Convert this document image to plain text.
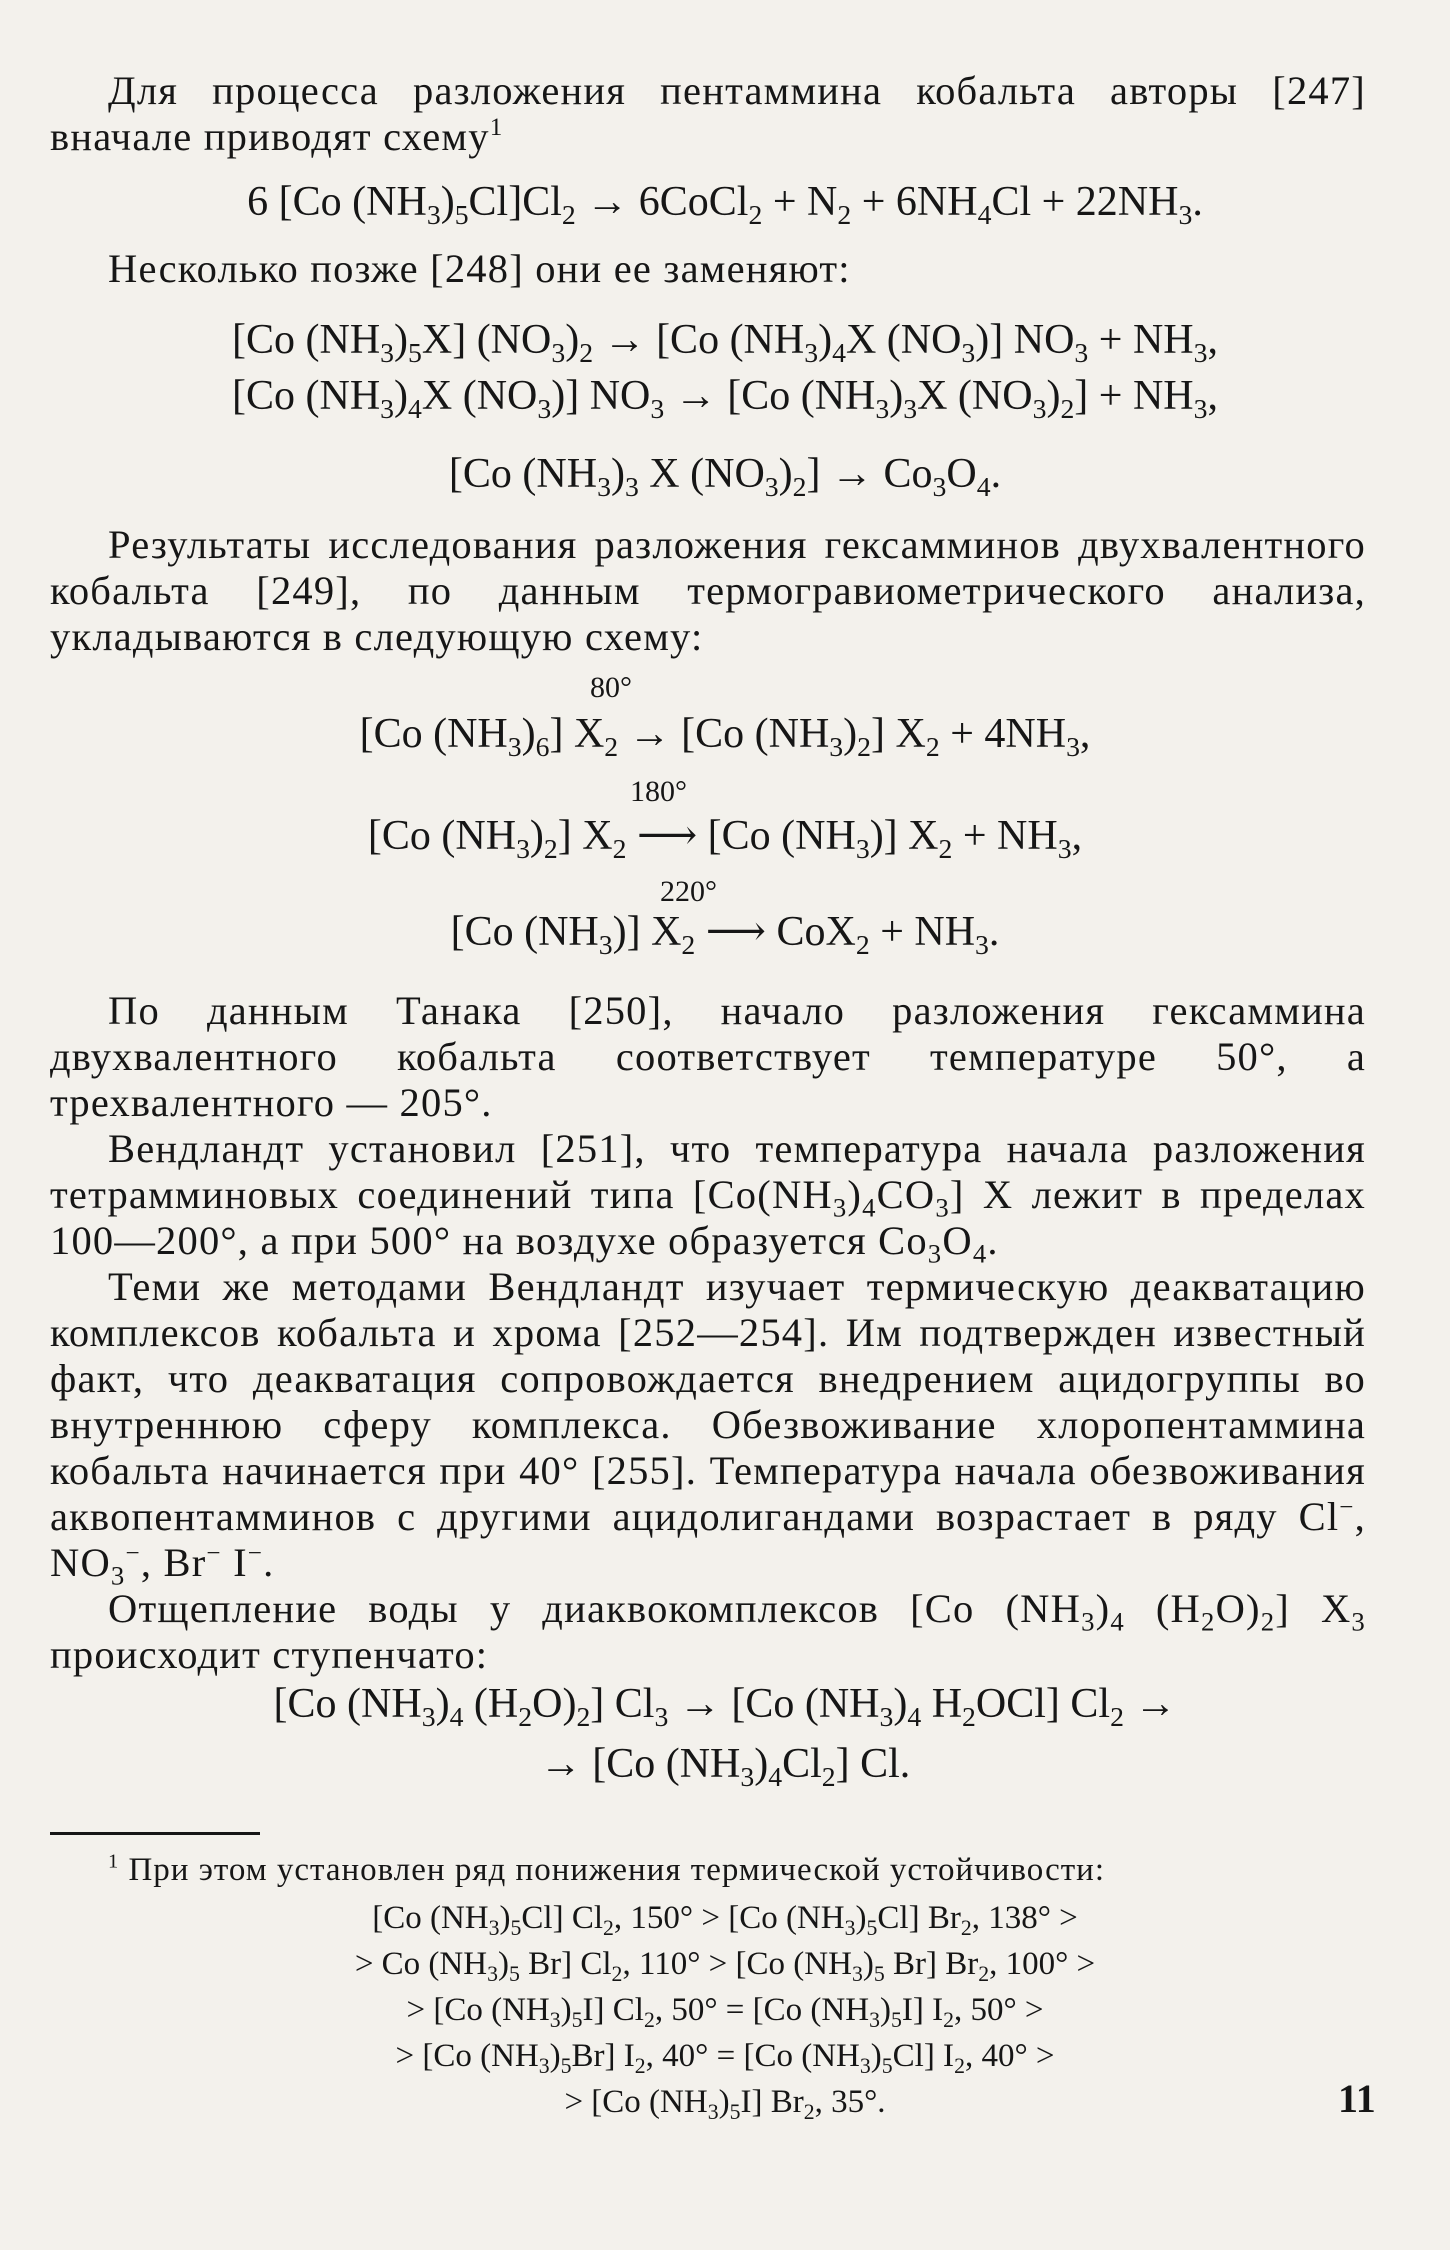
Для процесса разложения пентаммина кобальта авторы [247] вначале приводят схему$^1$

6 [Co $(NH_3)_5Cl]Cl_2$ → 6CoCl$_2$ + $N_2 + 6NH_4Cl + 22NH_3$.

Несколько позже [248] они ее заменяют:

[Co $(NH_3)_5X$] $(NO_3)_2 \to [Co$ $(NH_3)_4X$ $(NO_3)$] $NO_3 + NH_3$,

[Co $(NH_3)_4X$ $(NO_3)$] $NO_3 \to [Co$ $(NH_3)_3X$ $(NO_3)_2] + NH_3$,

[Co $(NH_3)_3$ X $(NO_3)_2] \to Co_3O_4$.

Результаты исследования разложения гексамминов двухвалентного кобальта [249], по данным термогравиометрического анализа, укладываются в следующую схему:

80°

[Co $(NH_3)_6$] $X_2 \to [Co$ $(NH_3)_2$] $X_2 + 4NH_3$,

180°

[Co $(NH_3)_2$] $X_2$ ⟶ [Co $(NH_3)$] $X_2 + NH_3$,

220°

[Co $(NH_3)$] $X_2$ ⟶ $CoX_2 + NH_3$.

По данным Танака [250], начало разложения гексаммина двухвалентного кобальта соответствует температуре 50°, а трехвалентного — 205°.

Вендландт установил [251], что температура начала разложения тетрамминовых соединений типа $[Co(NH_3)_4CO_3]$ X лежит в пределах 100—200°, а при 500° на воздухе образуется $Co_3O_4$.

Теми же методами Вендландт изучает термическую деакватацию комплексов кобальта и хрома [252—254]. Им подтвержден известный факт, что деакватация сопровождается внедрением ацидогруппы во внутреннюю сферу комплекса. Обезвоживание хлоропентаммина кобальта начинается при 40° [255]. Температура начала обезвоживания аквопентамминов с другими ацидолигандами возрастает в ряду Cl−, $NO_3^-$, Br− I−.

Отщепление воды у диаквокомплексов [Co $(NH_3)_4$ $(H_2O)_2$] $X_3$ происходит ступенчато:

[Co $(NH_3)_4$ $(H_2O)_2$] $Cl_3 \to [Co$ $(NH_3)_4$ $H_2OCl$] $Cl_2$ →

→ [Co $(NH_3)_4Cl_2$] Cl.

$^1$ При этом установлен ряд понижения термической устойчивости:

[Co $(NH_3)_5Cl$] $Cl_2$, 150° > [Co $(NH_3)_5Cl$] $Br_2$, 138° >

> Co $(NH_3)_5$ Br] $Cl_2$, 110° > [Co $(NH_3)_5$ Br] $Br_2$, 100° >

> [Co $(NH_3)_5I$] $Cl_2$, 50° = [Co $(NH_3)_5I$] $I_2$, 50° >

> [Co $(NH_3)_5Br$] $I_2$, 40° = [Co $(NH_3)_5Cl$] $I_2$, 40° >

> [Co $(NH_3)_5I$] $Br_2$, 35°.	11
